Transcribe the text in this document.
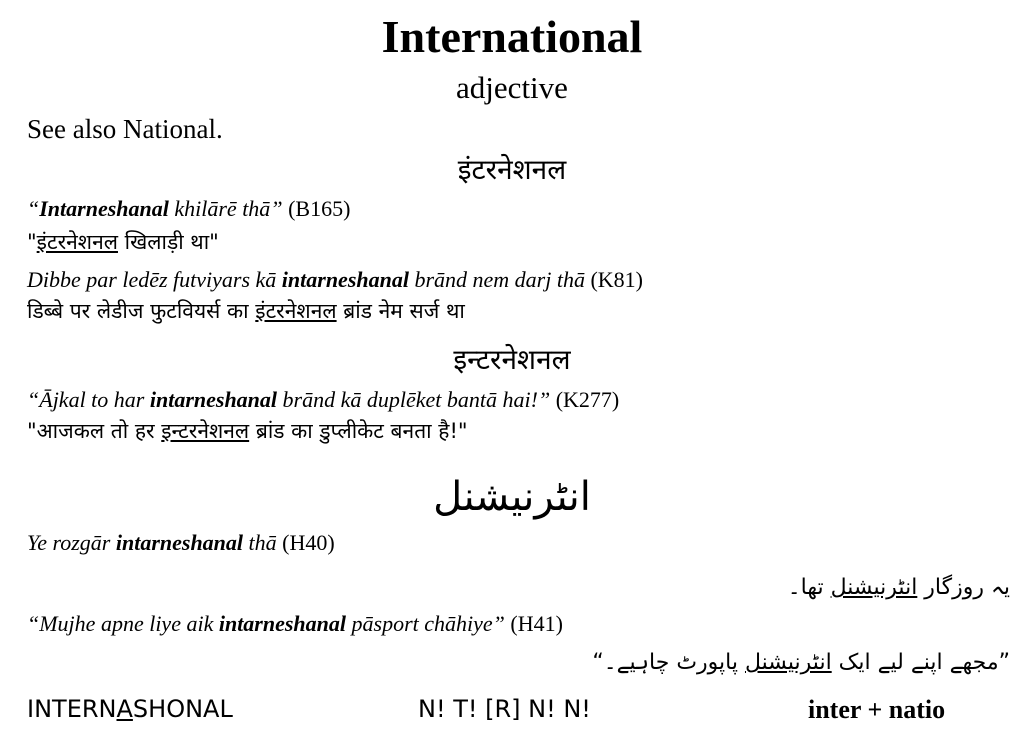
International
adjective
See also National.
इंटरनेशनल
“Intarneshanal khilārē thā” (B165)
"इंटरनेशनल खिलाड़ी था"
Dibbe par ledēz futviyars kā intarneshanal brānd nem darj thā (K81)
डिब्बे पर लेडीज फुटवियर्स का इंटरनेशनल ब्रांड नेम सर्ज था
इन्टरनेशनल
“Ājkal to har intarneshanal brānd kā duplēket bantā hai!” (K277)
"आजकल तो हर इन्टरनेशनल ब्रांड का डुप्लीकेट बनता है!"
انٹرنیشنل
Ye rozgār intarneshanal thā (H40)
یہ روزگار انٹرنیشنل تھا۔
“Mujhe apne liye aik intarneshanal pāsport chāhiye” (H41)
”مجھے اپنے لیے ایک انٹرنیشنل پاپورٹ چاہیے۔“
INTERNASHONAL	N! T! [R] N! N!	inter + natio
